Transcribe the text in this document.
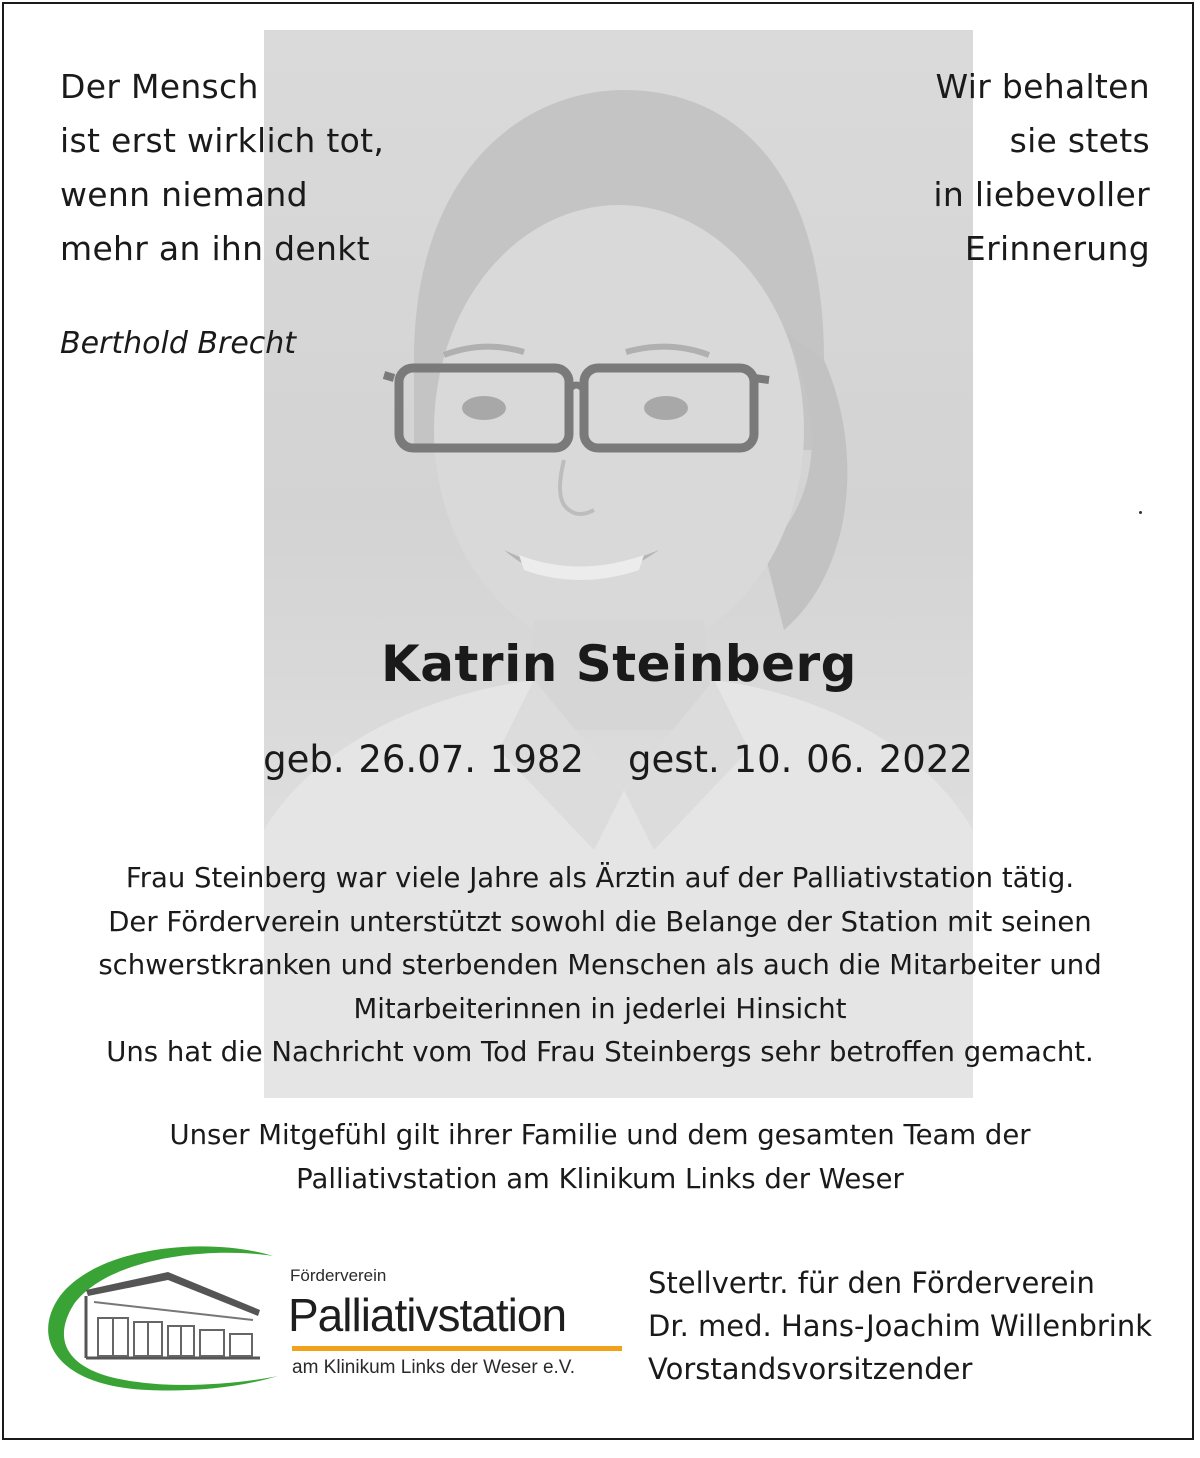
Der Mensch
ist erst wirklich tot,
wenn niemand
mehr an ihn denkt
Berthold Brecht
Wir behalten
sie stets
in liebevoller
Erinnerung
Katrin Steinberg
geb. 26.07. 1982 gest. 10. 06. 2022
Frau Steinberg war viele Jahre als Ärztin auf der Palliativstation tätig.
Der Förderverein unterstützt sowohl die Belange der Station mit seinen
schwerstkranken und sterbenden Menschen als auch die Mitarbeiter und
Mitarbeiterinnen in jederlei Hinsicht
Uns hat die Nachricht vom Tod Frau Steinbergs sehr betroffen gemacht.
Unser Mitgefühl gilt ihrer Familie und dem gesamten Team der
Palliativstation am Klinikum Links der Weser
Förderverein
Palliativstation
am Klinikum Links der Weser e.V.
Stellvertr. für den Förderverein
Dr. med. Hans-Joachim Willenbrink
Vorstandsvorsitzender
